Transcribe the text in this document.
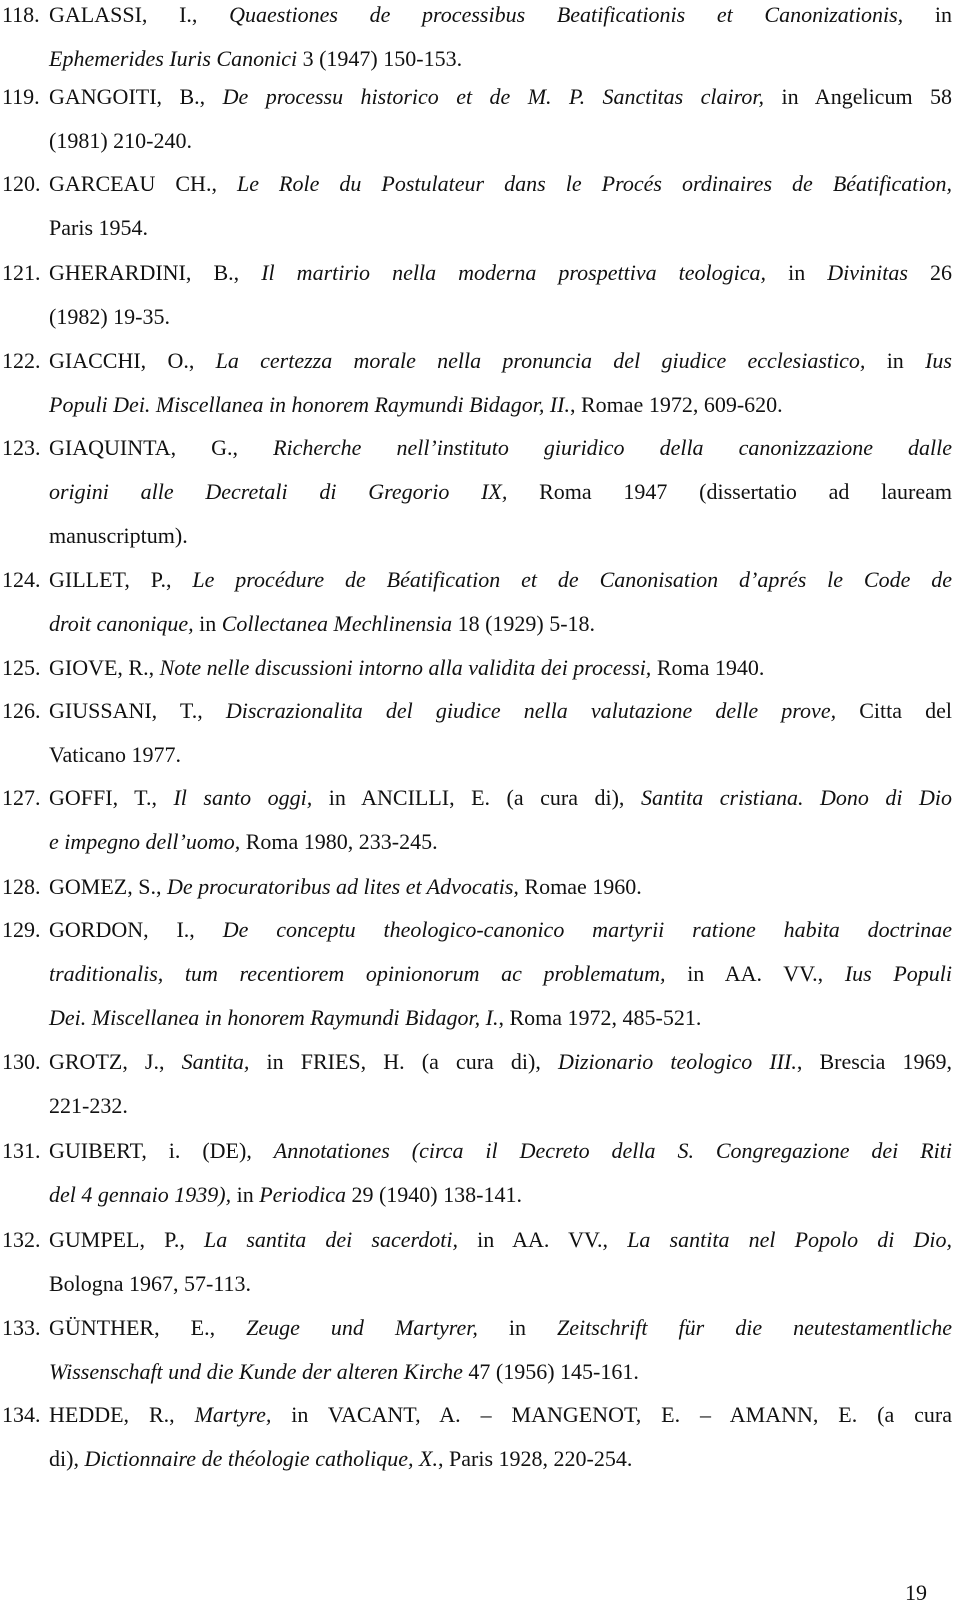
118. GALASSI, I., Quaestiones de processibus Beatificationis et Canonizationis, in
Ephemerides Iuris Canonici 3 (1947) 150-153.
119. GANGOITI, B., De processu historico et de M. P. Sanctitas clairor, in Angelicum 58
(1981) 210-240.
120. GARCEAU CH., Le Role du Postulateur dans le Procés ordinaires de Béatification,
Paris 1954.
121. GHERARDINI, B., Il martirio nella moderna prospettiva teologica, in Divinitas 26
(1982) 19-35.
122. GIACCHI, O., La certezza morale nella pronuncia del giudice ecclesiastico, in Ius
Populi Dei. Miscellanea in honorem Raymundi Bidagor, II., Romae 1972, 609-620.
123. GIAQUINTA, G., Richerche nell’instituto giuridico della canonizzazione dalle
origini alle Decretali di Gregorio IX, Roma 1947 (dissertatio ad lauream
manuscriptum).
124. GILLET, P., Le procédure de Béatification et de Canonisation d’aprés le Code de
droit canonique, in Collectanea Mechlinensia 18 (1929) 5-18.
125. GIOVE, R., Note nelle discussioni intorno alla validita dei processi, Roma 1940.
126. GIUSSANI, T., Discrazionalita del giudice nella valutazione delle prove, Citta del
Vaticano 1977.
127. GOFFI, T., Il santo oggi, in ANCILLI, E. (a cura di), Santita cristiana. Dono di Dio
e impegno dell’uomo, Roma 1980, 233-245.
128. GOMEZ, S., De procuratoribus ad lites et Advocatis, Romae 1960.
129. GORDON, I., De conceptu theologico-canonico martyrii ratione habita doctrinae
traditionalis, tum recentiorem opinionorum ac problematum, in AA. VV., Ius Populi
Dei. Miscellanea in honorem Raymundi Bidagor, I., Roma 1972, 485-521.
130. GROTZ, J., Santita, in FRIES, H. (a cura di), Dizionario teologico III., Brescia 1969,
221-232.
131. GUIBERT, i. (DE), Annotationes (circa il Decreto della S. Congregazione dei Riti
del 4 gennaio 1939), in Periodica 29 (1940) 138-141.
132. GUMPEL, P., La santita dei sacerdoti, in AA. VV., La santita nel Popolo di Dio,
Bologna 1967, 57-113.
133. GÜNTHER, E., Zeuge und Martyrer, in Zeitschrift für die neutestamentliche
Wissenschaft und die Kunde der alteren Kirche 47 (1956) 145-161.
134. HEDDE, R., Martyre, in VACANT, A. – MANGENOT, E. – AMANN, E. (a cura
di), Dictionnaire de théologie catholique, X., Paris 1928, 220-254.
19
